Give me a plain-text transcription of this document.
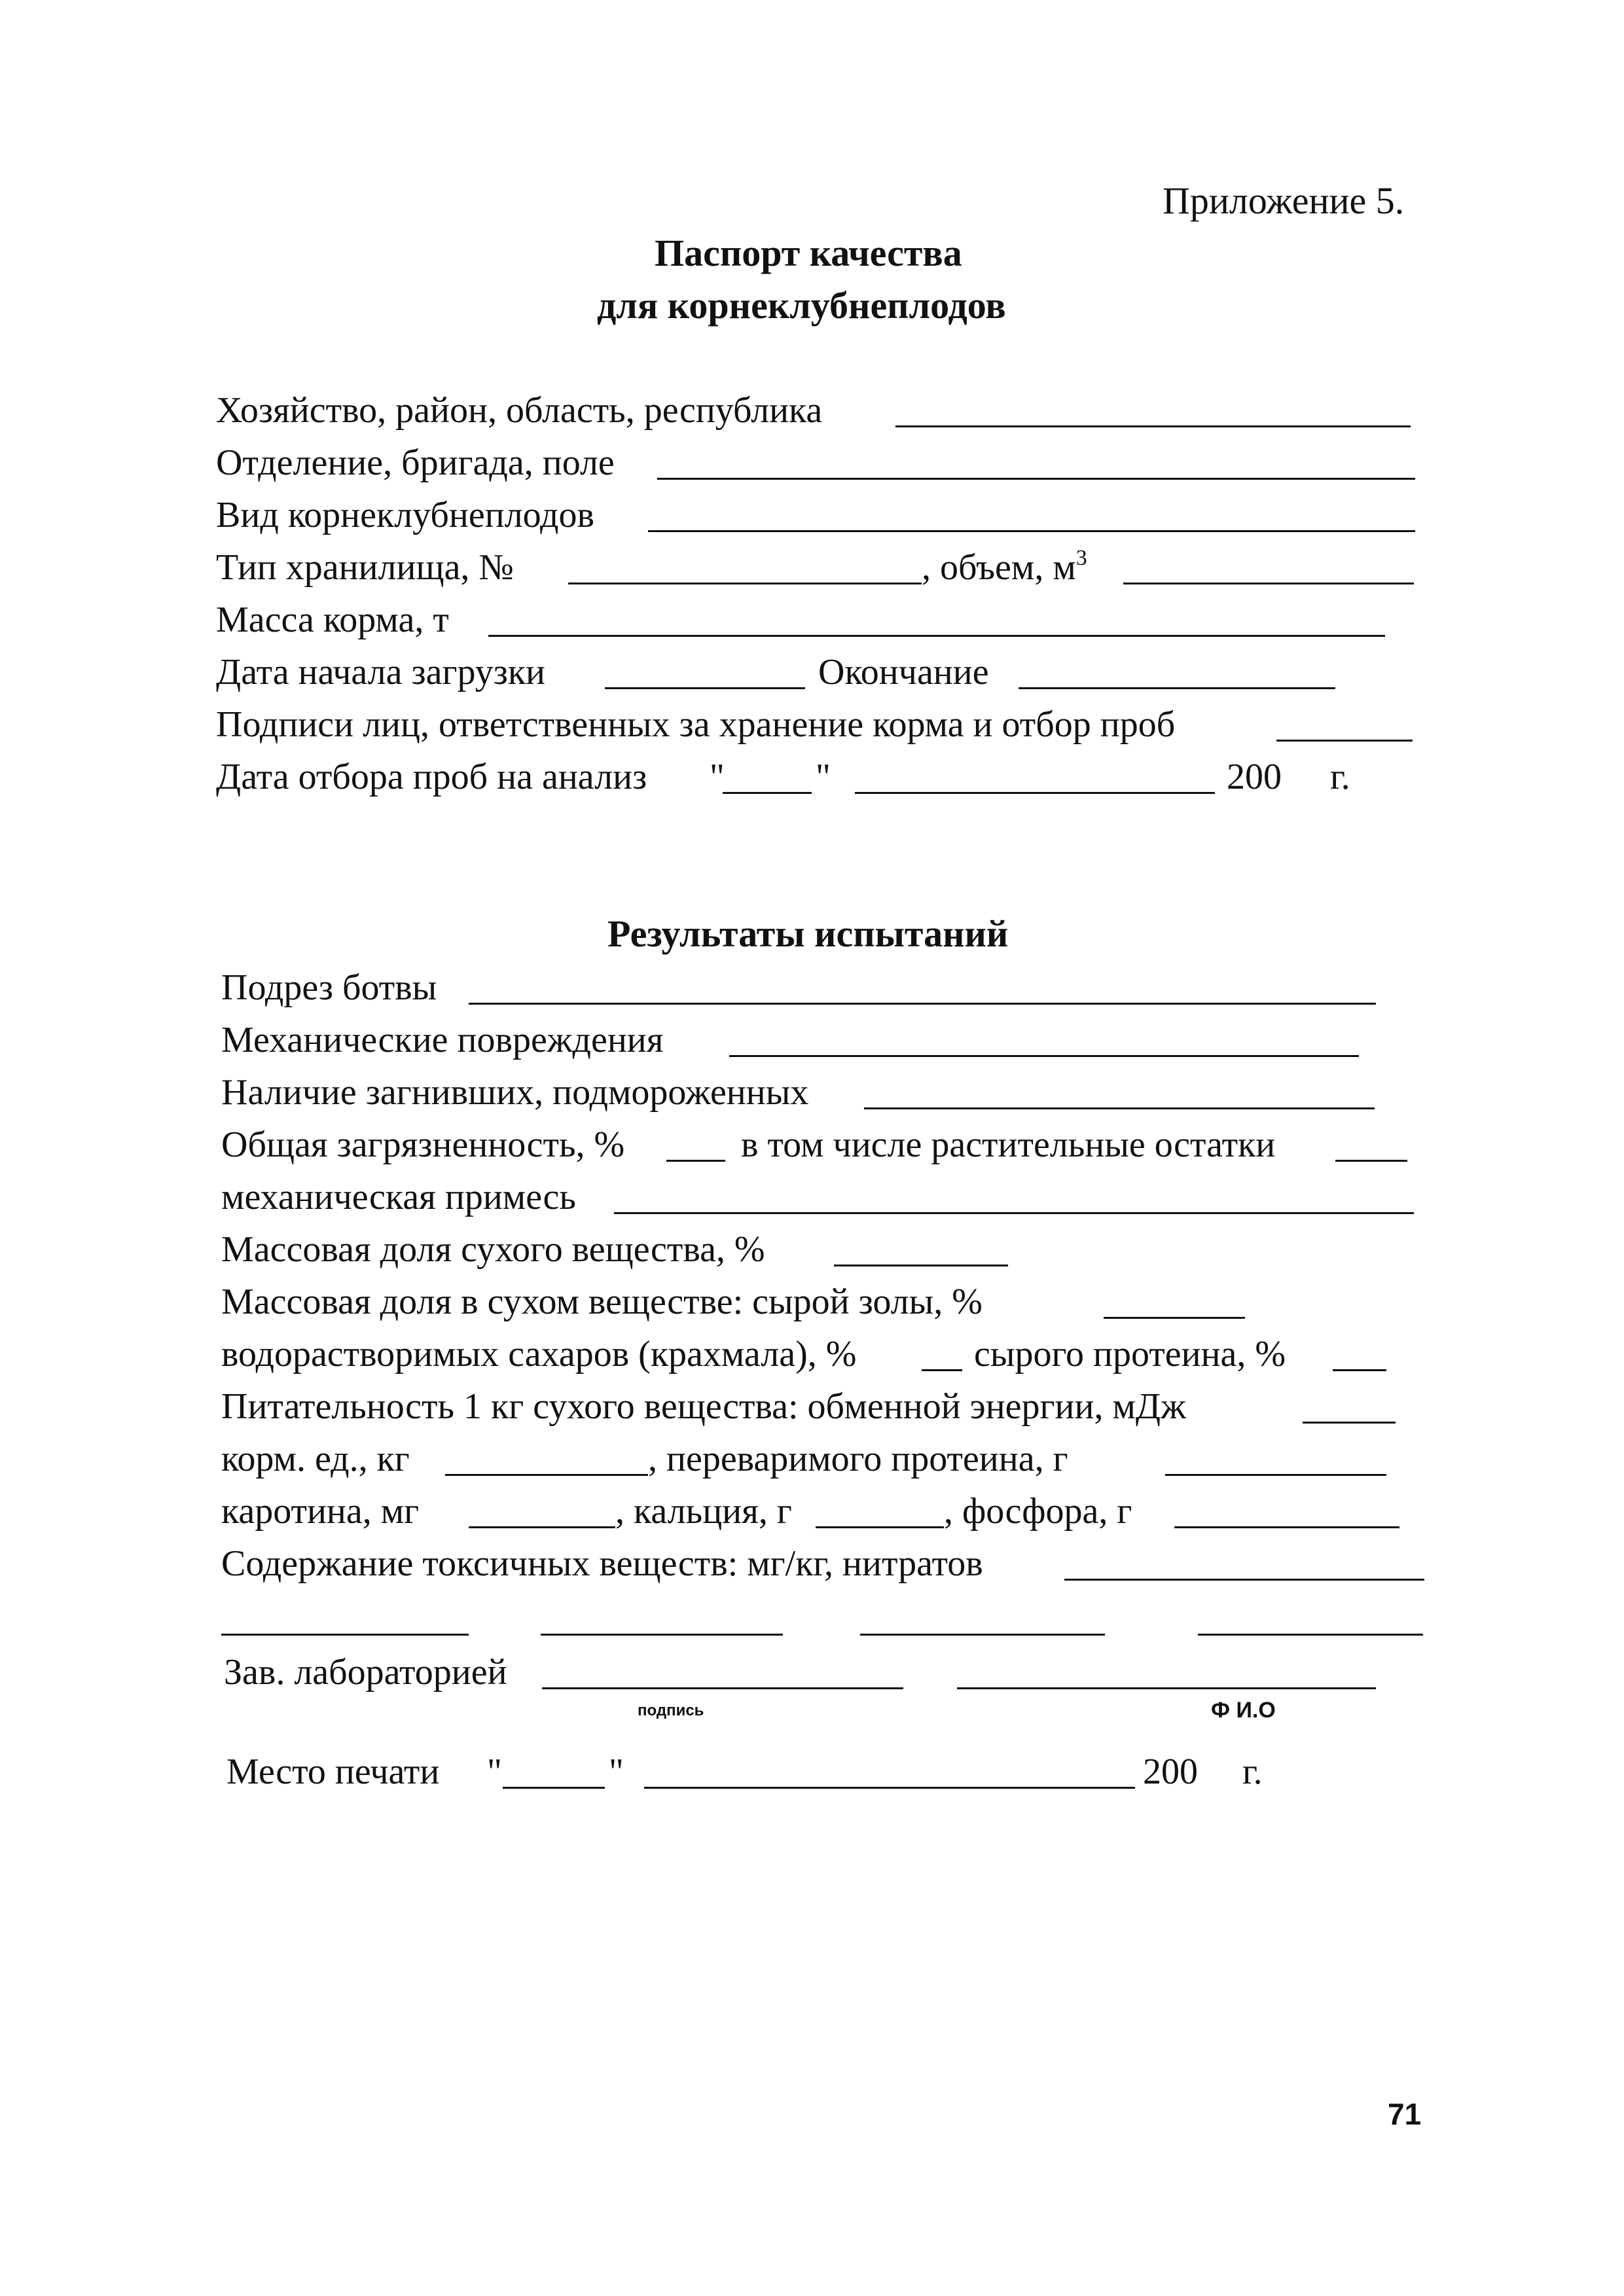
Приложение 5.
Паспорт качества
для корнеклубнеплодов
Хозяйство, район, область, республика
Отделение, бригада, поле
Вид корнеклубнеплодов
Тип хранилища, №	, объем, $м^3$
Масса корма, т
Дата начала загрузки	Окончание
Подписи лиц, ответственных за хранение корма и отбор проб
Дата отбора проб на анализ " "	200 г.
Результаты испытаний
Подрез ботвы
Механические повреждения
Наличие загнивших, подмороженных
Общая загрязненность, %	в том числе растительные остатки
механическая примесь
Массовая доля сухого вещества, %
Массовая доля в сухом веществе: сырой золы, %
водорастворимых сахаров (крахмала), %	сырого протеина, %
Питательность 1 кг сухого вещества: обменной энергии, мДж
корм. ед., кг	, переваримого протеина, г
каротина, мг	, кальция, г	, фосфора, г
Содержание токсичных веществ: мг/кг, нитратов
Зав. лабораторией
подпись	Ф И.О
Место печати "	"	200 г.
71
